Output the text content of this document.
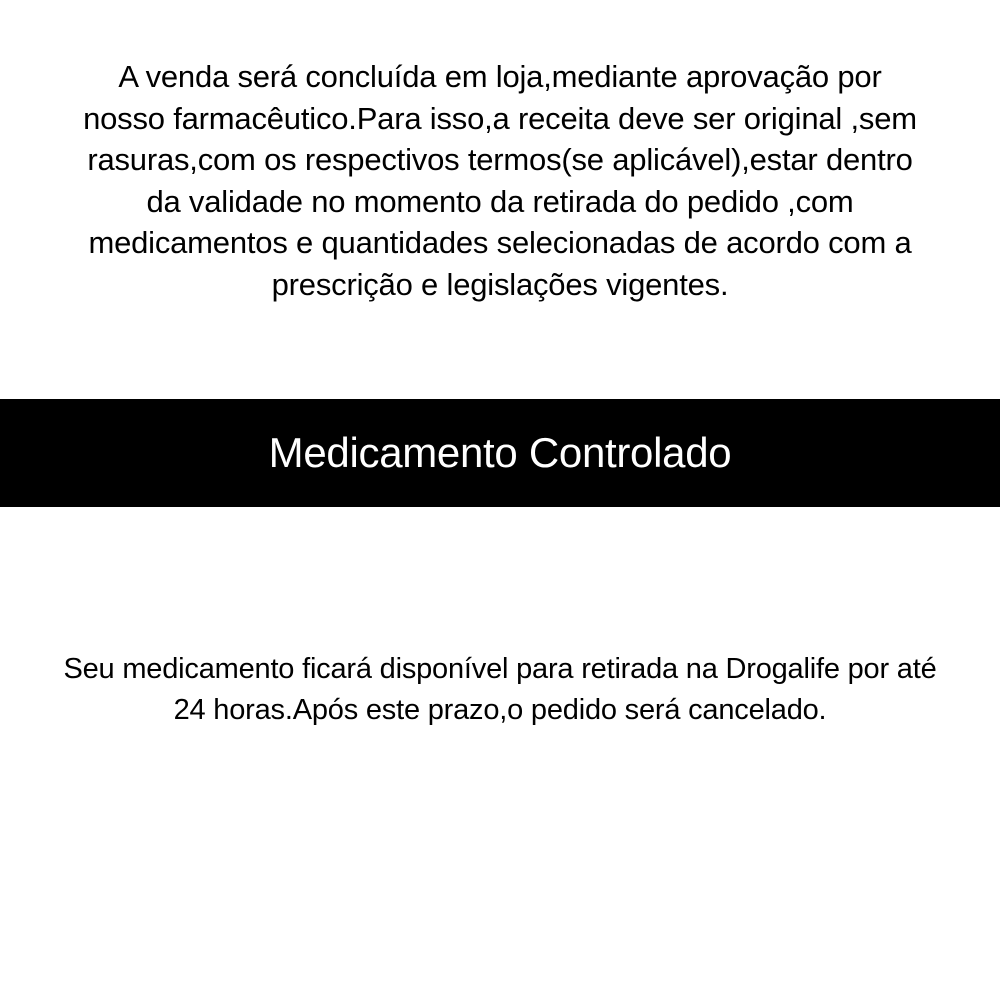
A venda será concluída em loja,mediante aprovação por nosso farmacêutico.Para isso,a receita deve ser original ,sem rasuras,com os respectivos termos(se aplicável),estar dentro da validade no momento da retirada do pedido ,com medicamentos e quantidades selecionadas de acordo com a prescrição e legislações vigentes.

Medicamento Controlado

Seu medicamento ficará disponível para retirada na Drogalife por até 24 horas.Após este prazo,o pedido será cancelado.
